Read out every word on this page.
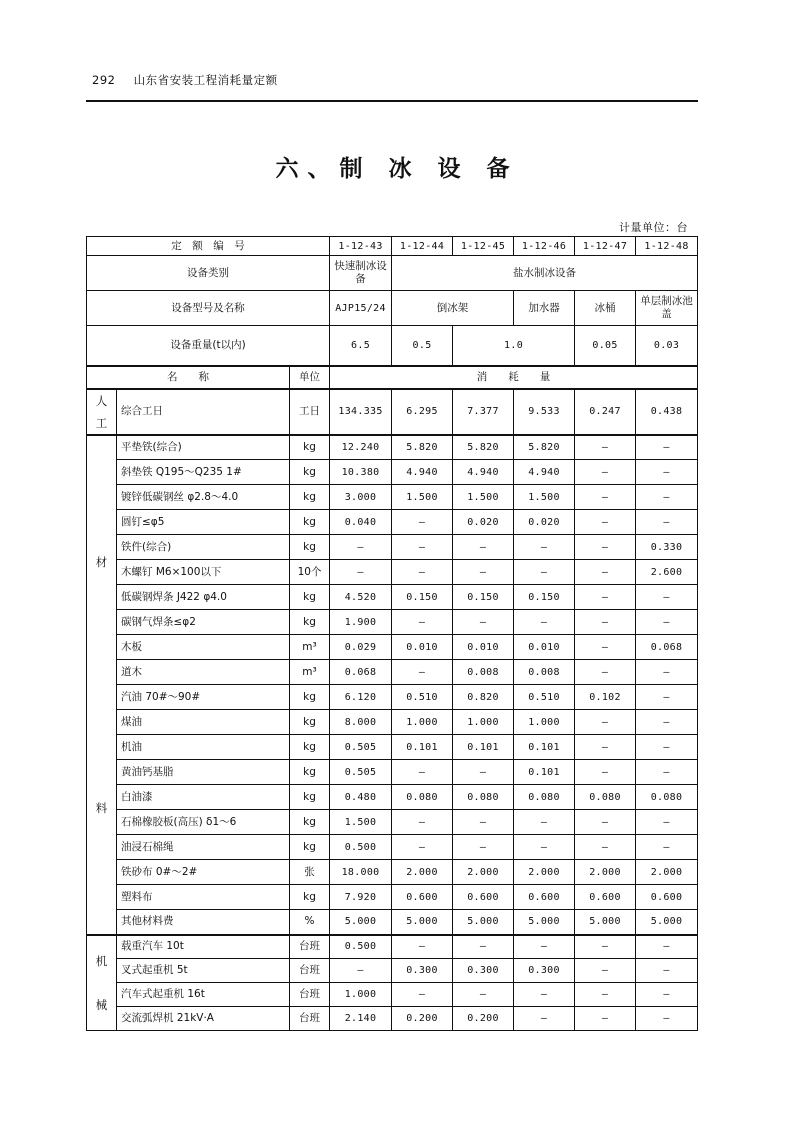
292 山东省安装工程消耗量定额
六、制 冰 设 备
计量单位：台
定　额　编　号			1-12-43	1-12-44	1-12-45	1-12-46	1-12-47	1-12-48
设备类别			快速制冰设备	盐水制冰设备				
设备型号及名称			AJP15/24	倒冰架		加水器	冰桶	单层制冰池盖
设备重量(t以内)			6.5	0.5	1.0		0.05	0.03
名　　称		单位	消　　耗　　量					

人
工	综合工日	工日	134.335	6.295	7.377	9.533	0.247	0.438

材
料	平垫铁(综合)	kg	12.240	5.820	5.820	5.820	—	—
	斜垫铁 Q195～Q235 1#	kg	10.380	4.940	4.940	4.940	—	—
	镀锌低碳钢丝 φ2.8～4.0	kg	3.000	1.500	1.500	1.500	—	—
	圆钉≤φ5	kg	0.040	—	0.020	0.020	—	—
	铁件(综合)	kg	—	—	—	—	—	0.330
	木螺钉 M6×100以下	10个	—	—	—	—	—	2.600
	低碳钢焊条 J422 φ4.0	kg	4.520	0.150	0.150	0.150	—	—
	碳钢气焊条≤φ2	kg	1.900	—	—	—	—	—
	木板	m³	0.029	0.010	0.010	0.010	—	0.068
	道木	m³	0.068	—	0.008	0.008	—	—
	汽油 70#～90#	kg	6.120	0.510	0.820	0.510	0.102	—
	煤油	kg	8.000	1.000	1.000	1.000	—	—
	机油	kg	0.505	0.101	0.101	0.101	—	—
	黄油钙基脂	kg	0.505	—	—	0.101	—	—
	白油漆	kg	0.480	0.080	0.080	0.080	0.080	0.080
	石棉橡胶板(高压) δ1～6	kg	1.500	—	—	—	—	—
	油浸石棉绳	kg	0.500	—	—	—	—	—
	铁砂布 0#～2#	张	18.000	2.000	2.000	2.000	2.000	2.000
	塑料布	kg	7.920	0.600	0.600	0.600	0.600	0.600
	其他材料费	%	5.000	5.000	5.000	5.000	5.000	5.000

机
械	载重汽车 10t	台班	0.500	—	—	—	—	—
	叉式起重机 5t	台班	—	0.300	0.300	0.300	—	—
	汽车式起重机 16t	台班	1.000	—	—	—	—	—
	交流弧焊机 21kV·A	台班	2.140	0.200	0.200	—	—	—
